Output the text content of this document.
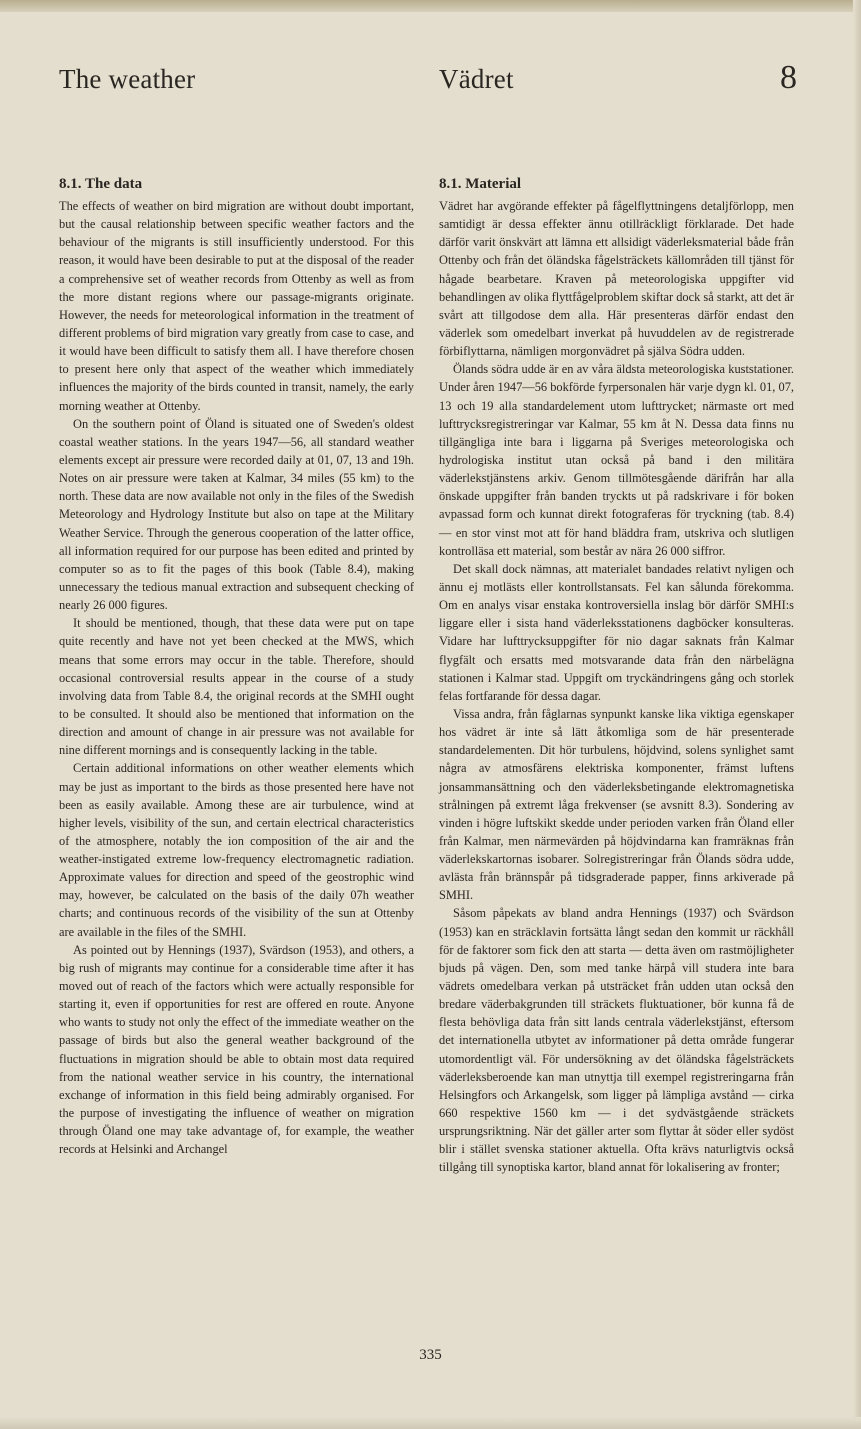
The weather	Vädret	8
8.1. The data	8.1. Material

The effects of weather on bird migration are without doubt important, but the causal relationship between specific weather factors and the behaviour of the migrants is still insufficiently understood. For this reason, it would have been desirable to put at the disposal of the reader a comprehensive set of weather records from Ottenby as well as from the more distant regions where our passage-migrants originate. However, the needs for meteorological information in the treatment of different problems of bird migration vary greatly from case to case, and it would have been difficult to satisfy them all. I have therefore chosen to present here only that aspect of the weather which immediately influences the majority of the birds counted in transit, namely, the early morning weather at Ottenby.

On the southern point of Öland is situated one of Sweden's oldest coastal weather stations. In the years 1947—56, all standard weather elements except air pressure were recorded daily at 01, 07, 13 and 19h. Notes on air pressure were taken at Kalmar, 34 miles (55 km) to the north. These data are now available not only in the files of the Swedish Meteorology and Hydrology Institute but also on tape at the Military Weather Service. Through the generous cooperation of the latter office, all information required for our purpose has been edited and printed by computer so as to fit the pages of this book (Table 8.4), making unnecessary the tedious manual extraction and subsequent checking of nearly 26 000 figures.

It should be mentioned, though, that these data were put on tape quite recently and have not yet been checked at the MWS, which means that some errors may occur in the table. Therefore, should occasional controversial results appear in the course of a study involving data from Table 8.4, the original records at the SMHI ought to be consulted. It should also be mentioned that information on the direction and amount of change in air pressure was not available for nine different mornings and is consequently lacking in the table.

Certain additional informations on other weather elements which may be just as important to the birds as those presented here have not been as easily available. Among these are air turbulence, wind at higher levels, visibility of the sun, and certain electrical characteristics of the atmosphere, notably the ion composition of the air and the weather-instigated extreme low-frequency electromagnetic radiation. Approximate values for direction and speed of the geostrophic wind may, however, be calculated on the basis of the daily 07h weather charts; and continuous records of the visibility of the sun at Ottenby are available in the files of the SMHI.

As pointed out by Hennings (1937), Svärdson (1953), and others, a big rush of migrants may continue for a considerable time after it has moved out of reach of the factors which were actually responsible for starting it, even if opportunities for rest are offered en route. Anyone who wants to study not only the effect of the immediate weather on the passage of birds but also the general weather background of the fluctuations in migration should be able to obtain most data required from the national weather service in his country, the international exchange of information in this field being admirably organised. For the purpose of investigating the influence of weather on migration through Öland one may take advantage of, for example, the weather records at Helsinki and Archangel

Vädret har avgörande effekter på fågelflyttningens detaljförlopp, men samtidigt är dessa effekter ännu otillräckligt förklarade. Det hade därför varit önskvärt att lämna ett allsidigt väderleksmaterial både från Ottenby och från det öländska fågelsträckets källområden till tjänst för hågade bearbetare. Kraven på meteorologiska uppgifter vid behandlingen av olika flyttfågelproblem skiftar dock så starkt, att det är svårt att tillgodose dem alla. Här presenteras därför endast den väderlek som omedelbart inverkat på huvuddelen av de registrerade förbiflyttarna, nämligen morgonvädret på själva Södra udden.

Ölands södra udde är en av våra äldsta meteorologiska kuststationer. Under åren 1947—56 bokförde fyrpersonalen här varje dygn kl. 01, 07, 13 och 19 alla standardelement utom lufttrycket; närmaste ort med lufttrycksregistreringar var Kalmar, 55 km åt N. Dessa data finns nu tillgängliga inte bara i liggarna på Sveriges meteorologiska och hydrologiska institut utan också på band i den militära väderlekstjänstens arkiv. Genom tillmötesgående därifrån har alla önskade uppgifter från banden tryckts ut på radskrivare i för boken avpassad form och kunnat direkt fotograferas för tryckning (tab. 8.4) — en stor vinst mot att för hand bläddra fram, utskriva och slutligen kontrolläsa ett material, som består av nära 26 000 siffror.

Det skall dock nämnas, att materialet bandades relativt nyligen och ännu ej motlästs eller kontrollstansats. Fel kan sålunda förekomma. Om en analys visar enstaka kontroversiella inslag bör därför SMHI:s liggare eller i sista hand väderleksstationens dagböcker konsulteras. Vidare har lufttrycksuppgifter för nio dagar saknats från Kalmar flygfält och ersatts med motsvarande data från den närbelägna stationen i Kalmar stad. Uppgift om tryckändringens gång och storlek felas fortfarande för dessa dagar.

Vissa andra, från fåglarnas synpunkt kanske lika viktiga egenskaper hos vädret är inte så lätt åtkomliga som de här presenterade standardelementen. Dit hör turbulens, höjdvind, solens synlighet samt några av atmosfärens elektriska komponenter, främst luftens jonsammansättning och den väderleksbetingande elektromagnetiska strålningen på extremt låga frekvenser (se avsnitt 8.3). Sondering av vinden i högre luftskikt skedde under perioden varken från Öland eller från Kalmar, men närmevärden på höjdvindarna kan framräknas från väderlekskartornas isobarer. Solregistreringar från Ölands södra udde, avlästa från brännspår på tidsgraderade papper, finns arkiverade på SMHI.

Såsom påpekats av bland andra Hennings (1937) och Svärdson (1953) kan en sträcklavin fortsätta långt sedan den kommit ur räckhåll för de faktorer som fick den att starta — detta även om rastmöjligheter bjuds på vägen. Den, som med tanke härpå vill studera inte bara vädrets omedelbara verkan på utsträcket från udden utan också den bredare väderbakgrunden till sträckets fluktuationer, bör kunna få de flesta behövliga data från sitt lands centrala väderlekstjänst, eftersom det internationella utbytet av informationer på detta område fungerar utomordentligt väl. För undersökning av det öländska fågelsträckets väderleksberoende kan man utnyttja till exempel registreringarna från Helsingfors och Arkangelsk, som ligger på lämpliga avstånd — cirka 660 respektive 1560 km — i det sydvästgående sträckets ursprungsriktning. När det gäller arter som flyttar åt söder eller sydöst blir i stället svenska stationer aktuella. Ofta krävs naturligtvis också tillgång till synoptiska kartor, bland annat för lokalisering av fronter;

335
